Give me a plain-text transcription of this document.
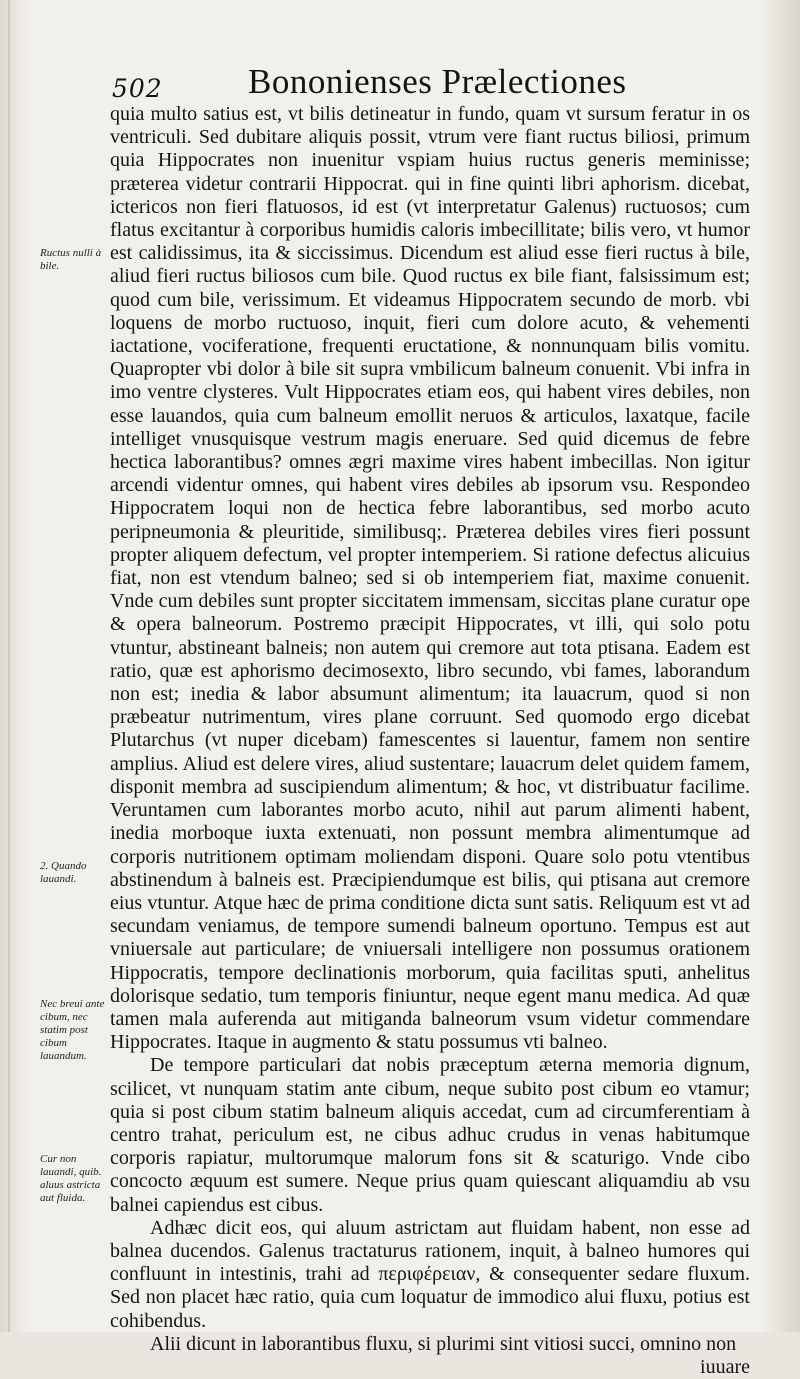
502 Bononienses Prælectiones
Ructus nulli à bile.
2. Quando lauandi.
Nec breui ante cibum, nec statim post cibum lauandum.
Cur non lauandi, quib. aluus astricta aut fluida.

quia multo satius est, vt bilis detineatur in fundo, quam vt sursum feratur in os ventriculi. Sed dubitare aliquis possit, vtrum vere fiant ructus biliosi, primum quia Hippocrates non inuenitur vspiam huius ructus generis meminisse; præterea videtur contrarii Hippocrat. qui in fine quinti libri aphorism. dicebat, ictericos non fieri flatuosos, id est (vt interpretatur Galenus) ructuosos; cum flatus excitantur à corporibus humidis caloris imbecillitate; bilis vero, vt humor est calidissimus, ita & siccissimus. Dicendum est aliud esse fieri ructus à bile, aliud fieri ructus biliosos cum bile. Quod ructus ex bile fiant, falsissimum est; quod cum bile, verissimum. Et videamus Hippocratem secundo de morb. vbi loquens de morbo ructuoso, inquit, fieri cum dolore acuto, & vehementi iactatione, vociferatione, frequenti eructatione, & nonnunquam bilis vomitu. Quapropter vbi dolor à bile sit supra vmbilicum balneum conuenit. Vbi infra in imo ventre clysteres. Vult Hippocrates etiam eos, qui habent vires debiles, non esse lauandos, quia cum balneum emollit neruos & articulos, laxatque, facile intelliget vnusquisque vestrum magis eneruare. Sed quid dicemus de febre hectica laborantibus? omnes ægri maxime vires habent imbecillas. Non igitur arcendi videntur omnes, qui habent vires debiles ab ipsorum vsu. Respondeo Hippocratem loqui non de hectica febre laborantibus, sed morbo acuto peripneumonia & pleuritide, similibusq;. Præterea debiles vires fieri possunt propter aliquem defectum, vel propter intemperiem. Si ratione defectus alicuius fiat, non est vtendum balneo; sed si ob intemperiem fiat, maxime conuenit. Vnde cum debiles sunt propter siccitatem immensam, siccitas plane curatur ope & opera balneorum. Postremo præcipit Hippocrates, vt illi, qui solo potu vtuntur, abstineant balneis; non autem qui cremore aut tota ptisana. Eadem est ratio, quæ est aphorismo decimosexto, libro secundo, vbi fames, laborandum non est; inedia & labor absumunt alimentum; ita lauacrum, quod si non præbeatur nutrimentum, vires plane corruunt. Sed quomodo ergo dicebat Plutarchus (vt nuper dicebam) famescentes si lauentur, famem non sentire amplius. Aliud est delere vires, aliud sustentare; lauacrum delet quidem famem, disponit membra ad suscipiendum alimentum; & hoc, vt distribuatur facilime. Veruntamen cum laborantes morbo acuto, nihil aut parum alimenti habent, inedia morboque iuxta extenuati, non possunt membra alimentumque ad corporis nutritionem optimam moliendam disponi. Quare solo potu vtentibus abstinendum à balneis est. Præcipiendumque est bilis, qui ptisana aut cremore eius vtuntur. Atque hæc de prima conditione dicta sunt satis. Reliquum est vt ad secundam veniamus, de tempore sumendi balneum oportuno. Tempus est aut vniuersale aut particulare; de vniuersali intelligere non possumus orationem Hippocratis, tempore declinationis morborum, quia facilitas sputi, anhelitus dolorisque sedatio, tum temporis finiuntur, neque egent manu medica. Ad quæ tamen mala auferenda aut mitiganda balneorum vsum videtur commendare Hippocrates. Itaque in augmento & statu possumus vti balneo.

De tempore particulari dat nobis præceptum æterna memoria dignum, scilicet, vt nunquam statim ante cibum, neque subito post cibum eo vtamur; quia si post cibum statim balneum aliquis accedat, cum ad circumferentiam à centro trahat, periculum est, ne cibus adhuc crudus in venas habitumque corporis rapiatur, multorumque malorum fons sit & scaturigo. Vnde cibo concocto æquum est sumere. Neque prius quam quiescant aliquamdiu ab vsu balnei capiendus est cibus.

Adhæc dicit eos, qui aluum astrictam aut fluidam habent, non esse ad balnea ducendos. Galenus tractaturus rationem, inquit, à balneo humores qui confluunt in intestinis, trahi ad περιφέρειαν, & consequenter sedare fluxum. Sed non placet hæc ratio, quia cum loquatur de immodico alui fluxu, potius est cohibendus.

Alii dicunt in laborantibus fluxu, si plurimi sint vitiosi succi, omnino non

iuuare
